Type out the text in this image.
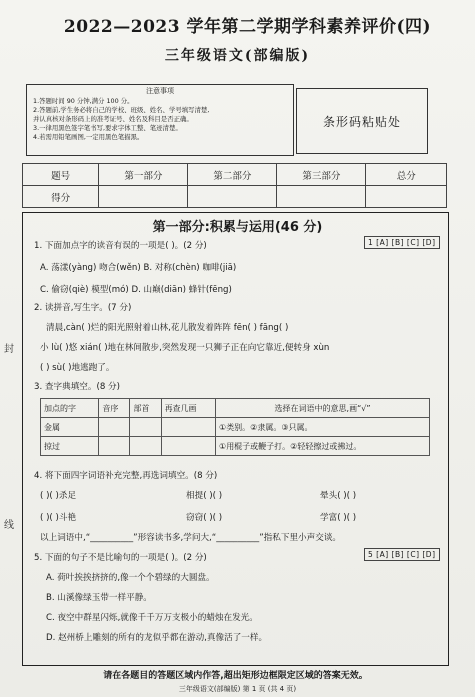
封
线
2022—2023 学年第二学期学科素养评价(四)
三年级语文(部编版)
注意事项
1.答题时间 90 分钟,满分 100 分。
2.答题前,学生务必将自己的学校、班级、姓名、学号填写清楚,
并认真核对条形码上的准考证号、姓名及科目是否正确。
3.一律用黑色签字笔书写,要求字体工整、笔迹清楚。
4.若需用铅笔画图,一定用黑色笔描黑。
条形码粘贴处
题号	第一部分	第二部分	第三部分	总分
得分				
第一部分:积累与运用(46 分)
1. 下面加点字的读音有误的一项是( )。(2 分)	1 [A] [B] [C] [D]
A. 荡漾(yàng) 吻合(wěn) B. 对称(chèn) 咖啡(jiā)
C. 偷窃(qiè) 模型(mó) D. 山巅(diān) 蜂针(fēng)
2. 读拼音,写生字。(7 分)
清晨,càn( )烂的阳光照射着山林,花儿散发着阵阵 fēn( ) fāng( )
小 lù( )悠 xián( )地在林间散步,突然发现一只狮子正在向它靠近,便转身 xùn
( ) sù( )地逃跑了。
3. 查字典填空。(8 分)
加点的字	音序	部首	再查几画	选择在词语中的意思,画“√”
金属				①类别。②隶属。③只属。
掠过				①用棍子或鞭子打。②轻轻擦过或拂过。
4. 将下面四字词语补充完整,再选词填空。(8 分)
( )( )杀足	相提( )( )	晕头( )( )
( )( )斗艳	窃窃( )( )	学富( )( )
以上词语中,“__________”形容读书多,学问大,“__________”指私下里小声交谈。
5. 下面的句子不是比喻句的一项是( )。(2 分)	5 [A] [B] [C] [D]
A. 荷叶挨挨挤挤的,像一个个碧绿的大圆盘。
B. 山溪像绿玉带一样平静。
C. 夜空中群星闪烁,就像千千万万支极小的蜡烛在发光。
D. 赵州桥上雕刻的所有的龙似乎都在游动,真像活了一样。
请在各题目的答题区域内作答,超出矩形边框限定区域的答案无效。
三年级语文(部编版) 第 1 页 (共 4 页)
